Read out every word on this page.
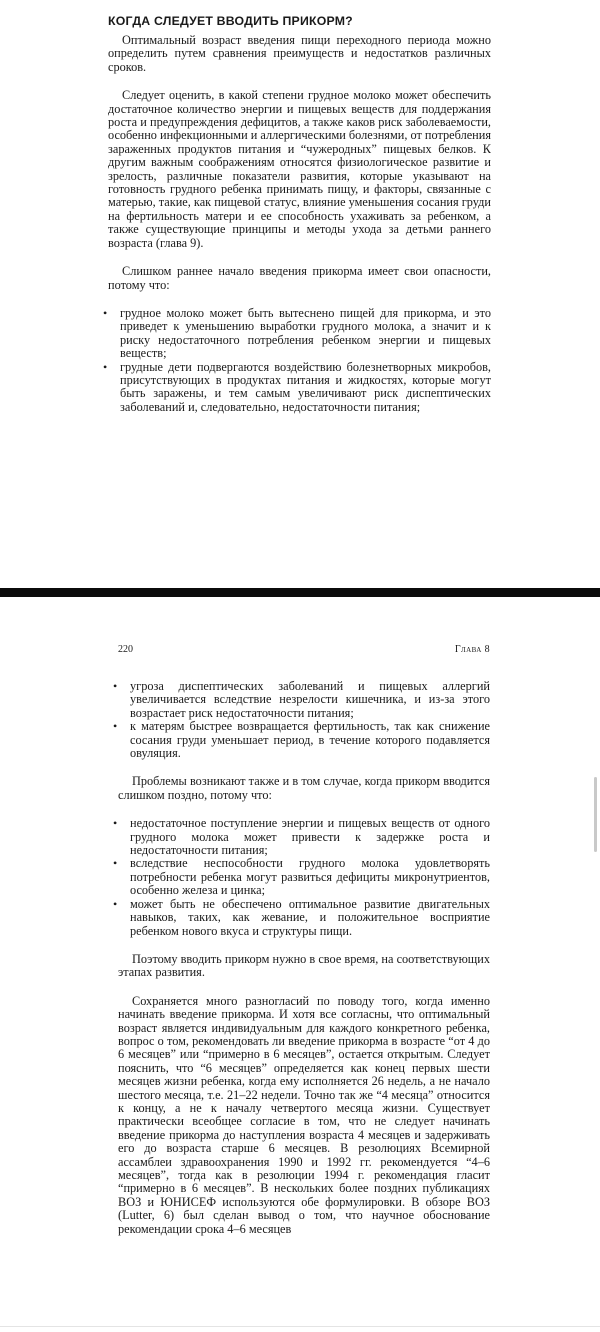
КОГДА СЛЕДУЕТ ВВОДИТЬ ПРИКОРМ?

Оптимальный возраст введения пищи переходного периода можно определить путем сравнения преимуществ и недостатков различных сроков.

Следует оценить, в какой степени грудное молоко может обеспечить достаточное количество энергии и пищевых веществ для поддержания роста и предупреждения дефицитов, а также каков риск заболеваемости, особенно инфекционными и аллергическими болезнями, от потребления зараженных продуктов питания и “чужеродных” пищевых белков. К другим важным соображениям относятся физиологическое развитие и зрелость, различные показатели развития, которые указывают на готовность грудного ребенка принимать пищу, и факторы, связанные с матерью, такие, как пищевой статус, влияние уменьшения сосания груди на фертильность матери и ее способность ухаживать за ребенком, а также существующие принципы и методы ухода за детьми раннего возраста (глава 9).

Слишком раннее начало введения прикорма имеет свои опасности, потому что:

• грудное молоко может быть вытеснено пищей для прикорма, и это приведет к уменьшению выработки грудного молока, а значит и к риску недостаточного потребления ребенком энергии и пищевых веществ;
• грудные дети подвергаются воздействию болезнетворных микробов, присутствующих в продуктах питания и жидкостях, которые могут быть заражены, и тем самым увеличивают риск диспептических заболеваний и, следовательно, недостаточности питания;
220	Глава 8
• угроза диспептических заболеваний и пищевых аллергий увеличивается вследствие незрелости кишечника, и из-за этого возрастает риск недостаточности питания;
• к матерям быстрее возвращается фертильность, так как снижение сосания груди уменьшает период, в течение которого подавляется овуляция.

Проблемы возникают также и в том случае, когда прикорм вводится слишком поздно, потому что:

• недостаточное поступление энергии и пищевых веществ от одного грудного молока может привести к задержке роста и недостаточности питания;
• вследствие неспособности грудного молока удовлетворять потребности ребенка могут развиться дефициты микронутриентов, особенно железа и цинка;
• может быть не обеспечено оптимальное развитие двигательных навыков, таких, как жевание, и положительное восприятие ребенком нового вкуса и структуры пищи.

Поэтому вводить прикорм нужно в свое время, на соответствующих этапах развития.

Сохраняется много разногласий по поводу того, когда именно начинать введение прикорма. И хотя все согласны, что оптимальный возраст является индивидуальным для каждого конкретного ребенка, вопрос о том, рекомендовать ли введение прикорма в возрасте “от 4 до 6 месяцев” или “примерно в 6 месяцев”, остается открытым. Следует пояснить, что “6 месяцев” определяется как конец первых шести месяцев жизни ребенка, когда ему исполняется 26 недель, а не начало шестого месяца, т.е. 21–22 недели. Точно так же “4 месяца” относится к концу, а не к началу четвертого месяца жизни. Существует практически всеобщее согласие в том, что не следует начинать введение прикорма до наступления возраста 4 месяцев и задерживать его до возраста старше 6 месяцев. В резолюциях Всемирной ассамблеи здравоохранения 1990 и 1992 гг. рекомендуется “4–6 месяцев”, тогда как в резолюции 1994 г. рекомендация гласит “примерно в 6 месяцев”. В нескольких более поздних публикациях ВОЗ и ЮНИСЕФ используются обе формулировки. В обзоре ВОЗ (Lutter, 6) был сделан вывод о том, что научное обоснование рекомендации срока 4–6 месяцев
